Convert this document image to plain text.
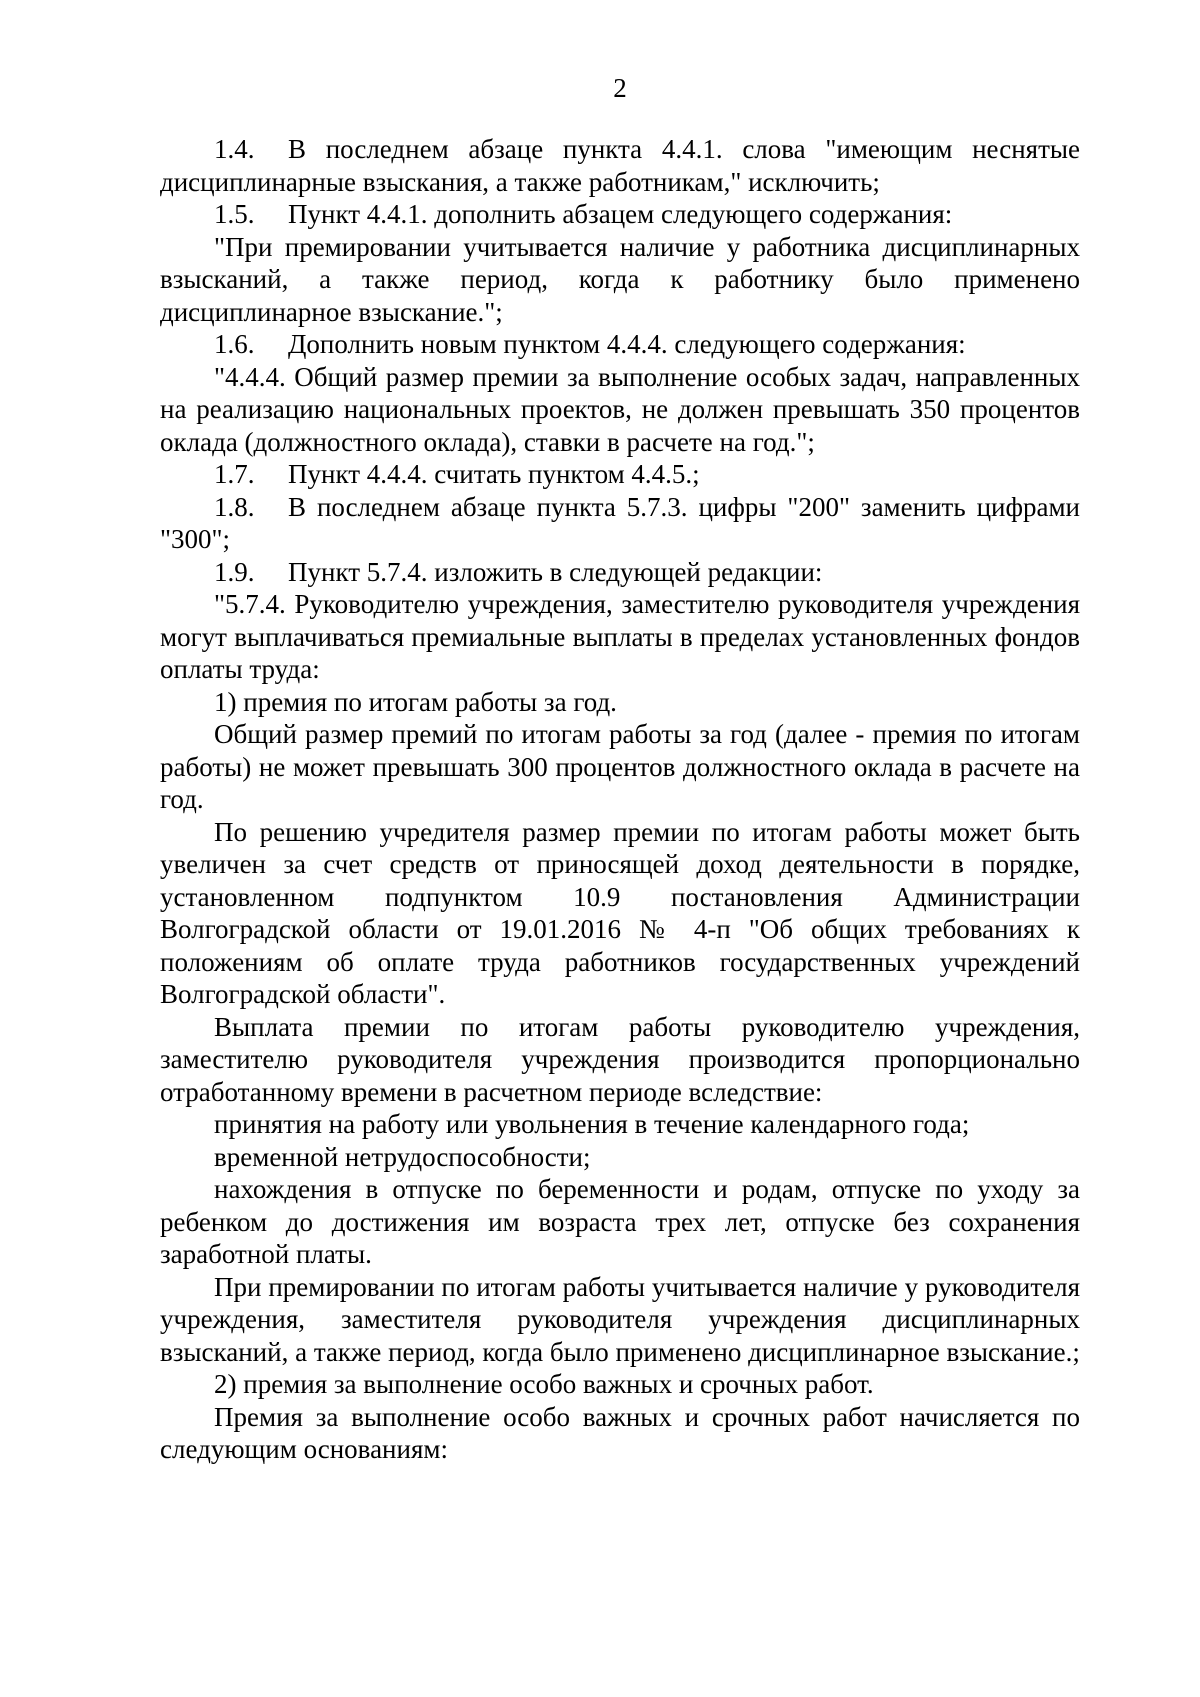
2

1.4. В последнем абзаце пункта 4.4.1. слова "имеющим неснятые дисциплинарные взыскания, а также работникам," исключить;

1.5. Пункт 4.4.1. дополнить абзацем следующего содержания:

"При премировании учитывается наличие у работника дисциплинарных взысканий, а также период, когда к работнику было применено дисциплинарное взыскание.";

1.6. Дополнить новым пунктом 4.4.4. следующего содержания:

"4.4.4. Общий размер премии за выполнение особых задач, направленных на реализацию национальных проектов, не должен превышать 350 процентов оклада (должностного оклада), ставки в расчете на год.";

1.7. Пункт 4.4.4. считать пунктом 4.4.5.;

1.8. В последнем абзаце пункта 5.7.3. цифры "200" заменить цифрами "300";

1.9. Пункт 5.7.4. изложить в следующей редакции:

"5.7.4. Руководителю учреждения, заместителю руководителя учреждения могут выплачиваться премиальные выплаты в пределах установленных фондов оплаты труда:

1) премия по итогам работы за год.

Общий размер премий по итогам работы за год (далее - премия по итогам работы) не может превышать 300 процентов должностного оклада в расчете на год.

По решению учредителя размер премии по итогам работы может быть увеличен за счет средств от приносящей доход деятельности в порядке, установленном подпунктом 10.9 постановления Администрации Волгоградской области от 19.01.2016 № 4-п "Об общих требованиях к положениям об оплате труда работников государственных учреждений Волгоградской области".

Выплата премии по итогам работы руководителю учреждения, заместителю руководителя учреждения производится пропорционально отработанному времени в расчетном периоде вследствие:

принятия на работу или увольнения в течение календарного года;

временной нетрудоспособности;

нахождения в отпуске по беременности и родам, отпуске по уходу за ребенком до достижения им возраста трех лет, отпуске без сохранения заработной платы.

При премировании по итогам работы учитывается наличие у руководителя учреждения, заместителя руководителя учреждения дисциплинарных взысканий, а также период, когда было применено дисциплинарное взыскание.;

2) премия за выполнение особо важных и срочных работ.

Премия за выполнение особо важных и срочных работ начисляется по следующим основаниям:
